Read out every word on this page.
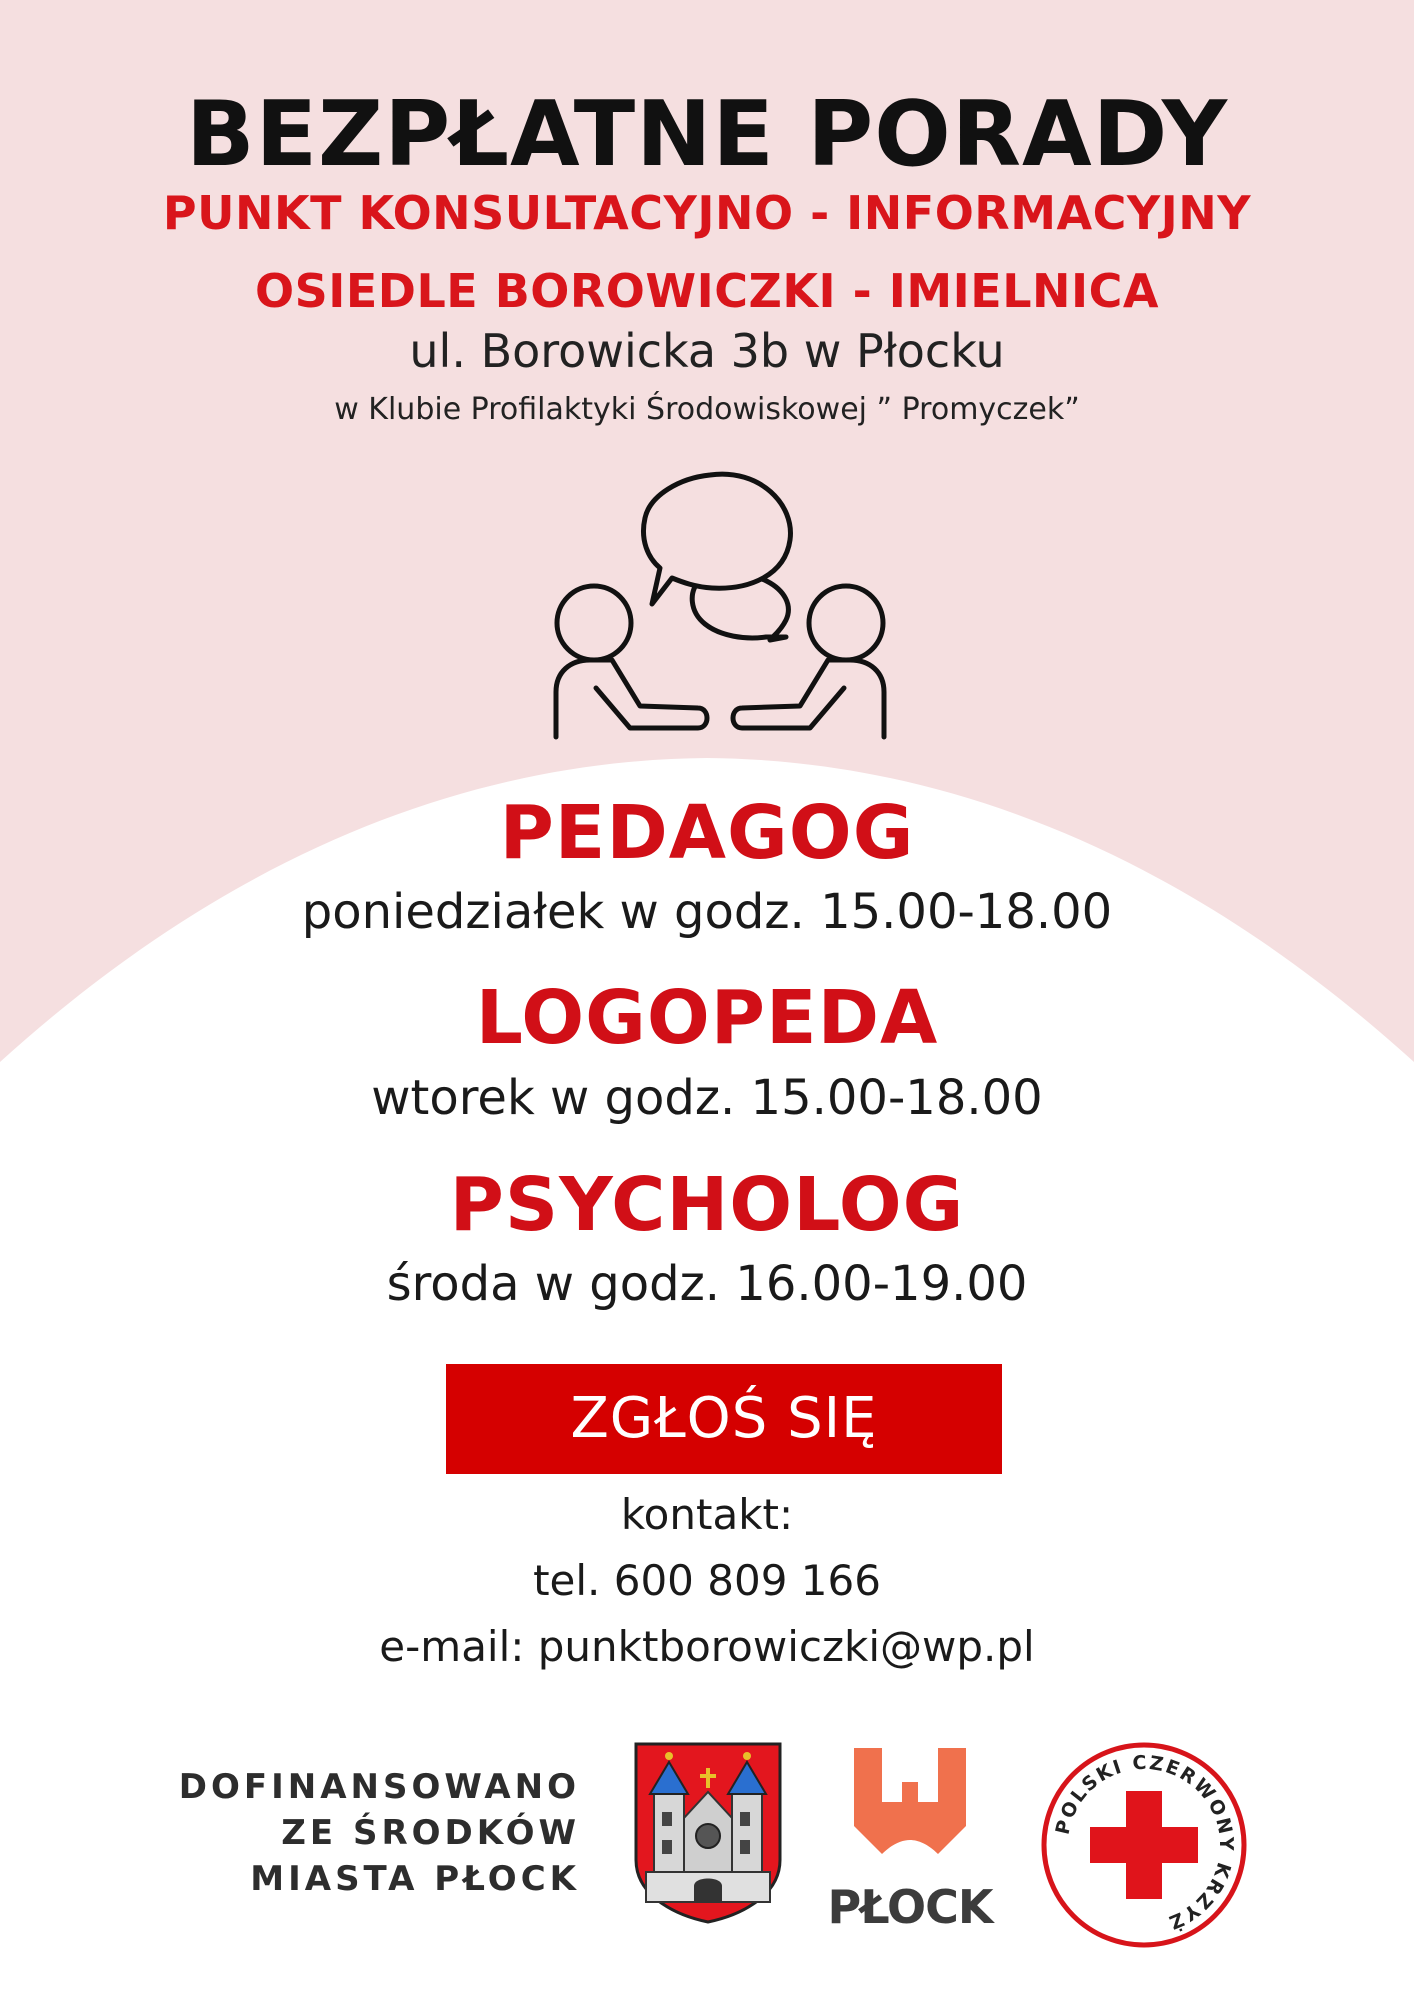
BEZPŁATNE PORADY
PUNKT KONSULTACYJNO - INFORMACYJNY
OSIEDLE BOROWICZKI - IMIELNICA
ul. Borowicka 3b w Płocku
w Klubie Profilaktyki Środowiskowej ” Promyczek”
PEDAGOG
poniedziałek w godz. 15.00-18.00
LOGOPEDA
wtorek w godz. 15.00-18.00
PSYCHOLOG
środa w godz. 16.00-19.00
ZGŁOŚ SIĘ
kontakt:
tel. 600 809 166
e-mail: punktborowiczki@wp.pl
DOFINANSOWANO
ZE ŚRODKÓW
MIASTA PŁOCK
PŁOCK
POLSKI CZERWONY KRZYŻ
